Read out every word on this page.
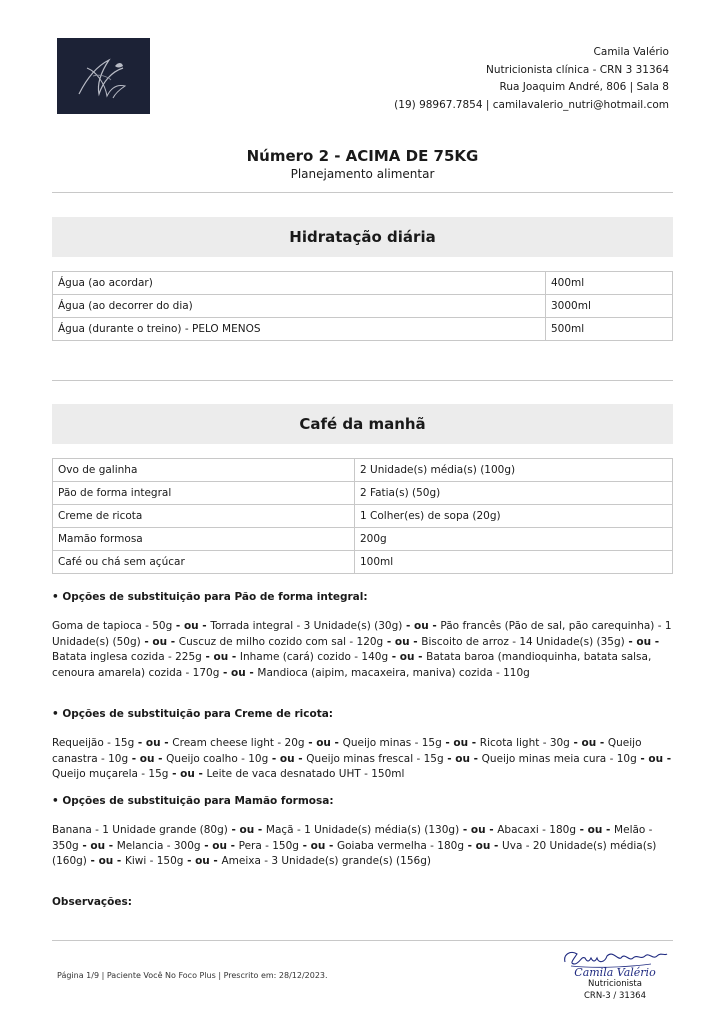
Camila Valério
Nutricionista clínica - CRN 3 31364
Rua Joaquim André, 806 | Sala 8
(19) 98967.7854 | camilavalerio_nutri@hotmail.com
Número 2 - ACIMA DE 75KG
Planejamento alimentar
Hidratação diária
Água (ao acordar)	400ml
Água (ao decorrer do dia)	3000ml
Água (durante o treino) - PELO MENOS	500ml
Café da manhã
Ovo de galinha	2 Unidade(s) média(s) (100g)
Pão de forma integral	2 Fatia(s) (50g)
Creme de ricota	1 Colher(es) de sopa (20g)
Mamão formosa	200g
Café ou chá sem açúcar	100ml
• Opções de substituição para Pão de forma integral:
Goma de tapioca - 50g - ou - Torrada integral - 3 Unidade(s) (30g) - ou - Pão francês (Pão de sal, pão carequinha) - 1 Unidade(s) (50g) - ou - Cuscuz de milho cozido com sal - 120g - ou - Biscoito de arroz - 14 Unidade(s) (35g) - ou - Batata inglesa cozida - 225g - ou - Inhame (cará) cozido - 140g - ou - Batata baroa (mandioquinha, batata salsa, cenoura amarela) cozida - 170g - ou - Mandioca (aipim, macaxeira, maniva) cozida - 110g
• Opções de substituição para Creme de ricota:
Requeijão - 15g - ou - Cream cheese light - 20g - ou - Queijo minas - 15g - ou - Ricota light - 30g - ou - Queijo canastra - 10g - ou - Queijo coalho - 10g - ou - Queijo minas frescal - 15g - ou - Queijo minas meia cura - 10g - ou - Queijo muçarela - 15g - ou - Leite de vaca desnatado UHT - 150ml
• Opções de substituição para Mamão formosa:
Banana - 1 Unidade grande (80g) - ou - Maçã - 1 Unidade(s) média(s) (130g) - ou - Abacaxi - 180g - ou - Melão - 350g - ou - Melancia - 300g - ou - Pera - 150g - ou - Goiaba vermelha - 180g - ou - Uva - 20 Unidade(s) média(s) (160g) - ou - Kiwi - 150g - ou - Ameixa - 3 Unidade(s) grande(s) (156g)
Observações:
Página 1/9 | Paciente Você No Foco Plus | Prescrito em: 28/12/2023.	Camila Valério
Nutricionista
CRN-3 / 31364
